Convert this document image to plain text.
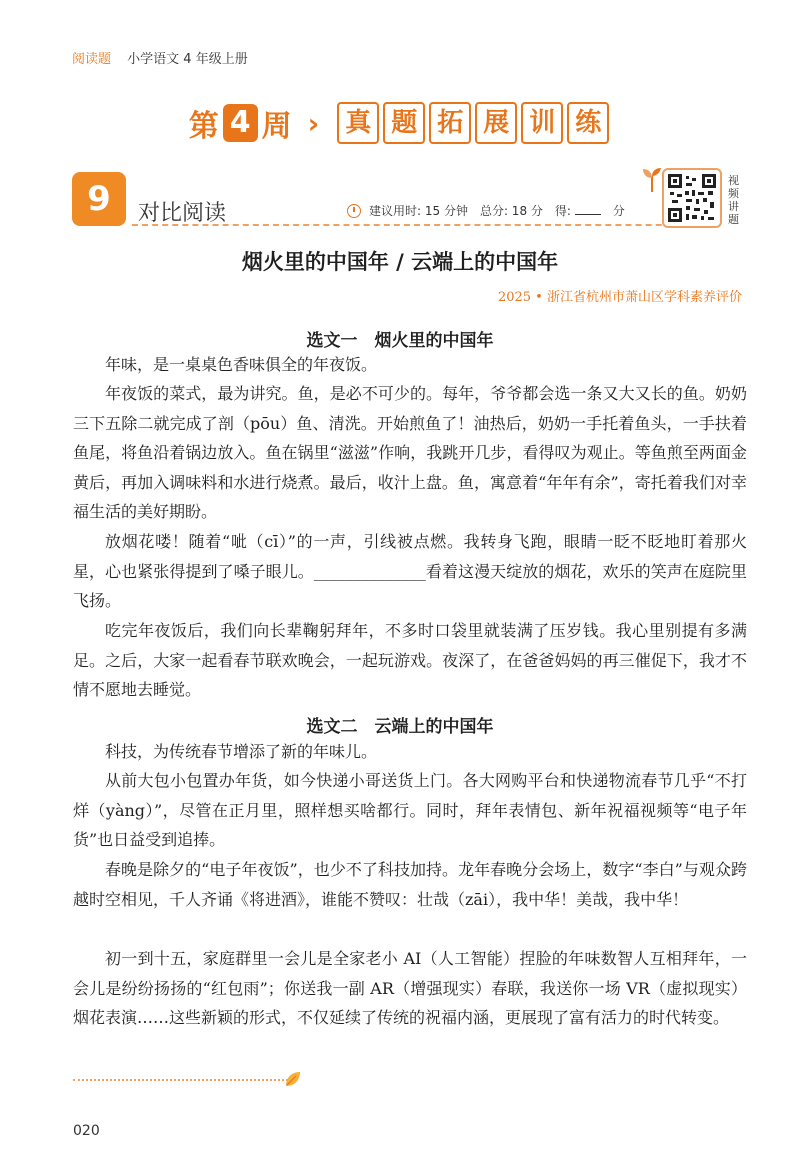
阅读题 小学语文 4 年级上册
第 4 周 › 真 题 拓 展 训 练
9	对比阅读	建议用时: 15 分钟 总分: 18 分 得:	分
视频讲题
烟火里的中国年 / 云端上的中国年
2025 • 浙江省杭州市萧山区学科素养评价
选文一　烟火里的中国年
年味，是一桌桌色香味俱全的年夜饭。
年夜饭的菜式，最为讲究。鱼，是必不可少的。每年，爷爷都会选一条又大又长的鱼。奶奶三下五除二就完成了剖（pōu）鱼、清洗。开始煎鱼了！油热后，奶奶一手托着鱼头，一手扶着鱼尾，将鱼沿着锅边放入。鱼在锅里“滋滋”作响，我跳开几步，看得叹为观止。等鱼煎至两面金黄后，再加入调味料和水进行烧煮。最后，收汁上盘。鱼，寓意着“年年有余”，寄托着我们对幸福生活的美好期盼。
放烟花喽！随着“呲（cī）”的一声，引线被点燃。我转身飞跑，眼睛一眨不眨地盯着那火星，心也紧张得提到了嗓子眼儿。______________看着这漫天绽放的烟花，欢乐的笑声在庭院里飞扬。
吃完年夜饭后，我们向长辈鞠躬拜年，不多时口袋里就装满了压岁钱。我心里别提有多满足。之后，大家一起看春节联欢晚会，一起玩游戏。夜深了，在爸爸妈妈的再三催促下，我才不情不愿地去睡觉。
选文二　云端上的中国年
科技，为传统春节增添了新的年味儿。
从前大包小包置办年货，如今快递小哥送货上门。各大网购平台和快递物流春节几乎“不打烊（yàng）”，尽管在正月里，照样想买啥都行。同时，拜年表情包、新年祝福视频等“电子年货”也日益受到追捧。
春晚是除夕的“电子年夜饭”，也少不了科技加持。龙年春晚分会场上，数字“李白”与观众跨越时空相见，千人齐诵《将进酒》，谁能不赞叹：壮哉（zāi），我中华！美哉，我中华！
初一到十五，家庭群里一会儿是全家老小 AI（人工智能）捏脸的年味数智人互相拜年，一会儿是纷纷扬扬的“红包雨”；你送我一副 AR（增强现实）春联，我送你一场 VR（虚拟现实）烟花表演……这些新颖的形式，不仅延续了传统的祝福内涵，更展现了富有活力的时代转变。
020
